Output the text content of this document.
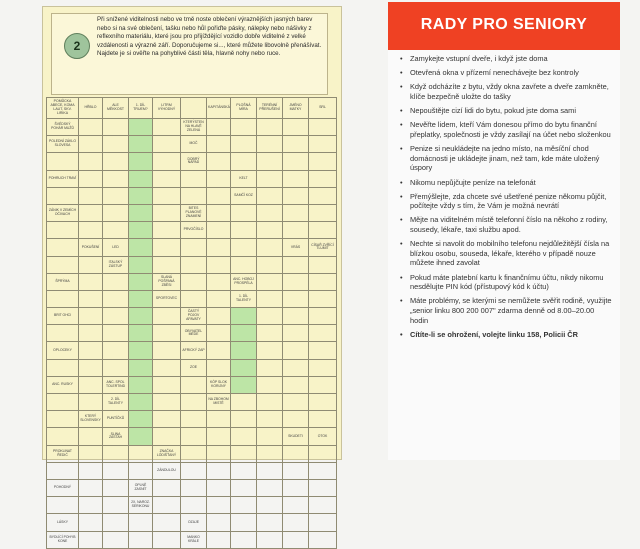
2
Při snížené viditelnosti nebo ve tmě noste oblečení výraznějších jasných barev nebo si na své oblečení, tašku nebo hůl pořiďte pásky, nálepky nebo nášivky z reflexního materiálu, které jsou pro přijíždějící vozidlo dobře viditelné z velké vzdálenosti a výrazně září. Doporučujeme si..., které můžete libovolně přenášívat. Najdete je si ověřte na pohyblivé části těla, hlavně nohy nebo ruce.
POMŮCKA ABECE, KOMA LAUT, SKV. LIRIKA	HŘBLO	ALE MĚKKOST	1. DÍL TRUEM?	LITRM VÝHODNÝ		KAPITÁNSKÁ	PLOŠNÁ MÍRA	TERÉNNÍ PŘERUŠENÍ	JMÉNO MATKY	SRL
ŠVÉDSKÝ POHÁR MUŽŮ					KTERÝSTEN NA HLAVĚ ZELENÁ					
POLEDNÍ ZÁKLO SLOVESA					MOČ					
					DOBRÝ NÁPAD					
POHRUCH TRAVÍ							KELT			
							SAMČÍ KOZ			
ZÁNIK V ZEMÍCH OČIVACH					BITES PLANOVÉ ZNAMENÍ					
					PRVOČÍSLO					
	POKUŠENÍ	LED							VRÁS	CÍSAŘ ZVŘÍCÍ TLUMIT
		ITALSKÝ ZÁSTUP								
ŠPRÝMA				SLANÁ POŠPANÁ ZBĚSI			ANC. HOBOJ PROSPÉLA			
				SPORTOVEC			1. DÍL TALENTY			
BRIT OHCI					ČASTÝ POJOV APAVATY					
					OBYVATEL MÉDE					
OPLOCEKY					AFRICKÝ ZAP					
					ZOE					
ANC. RUSKY		ANC. SPOL TOLERTIND				KÓP SLOK KORIJNÝ				
		2. DÍL TALENTY				NA ZBOHOM MISTĚ				
	KTERÝ SLOVENSKY	PUNTÍČKŮ								
		SLINA ZÁSTAH							SKUDETI	OTOK
PROKLINAT ŘEDIČ				ZNAČKA LÓDIŠŤANÝ						
				ZÁNDULOU						
POHODNÝ			OPLNĚ ZASNÍT							
			2X, NAROZ. SERIKONU							
LÁSKY					OZAJE					
BYDLÍCÍ POHYB KONE					MANKO KRÁLE					
RADY PRO SENIORY
• Zamykejte vstupní dveře, i když jste doma
• Otevřená okna v přízemí nenechávejte bez kontroly
• Když odcházíte z bytu, vždy okna zavřete a dveře zamkněte, klíče bezpečně uložte do tašky
• Nepouštějte cizí lidi do bytu, pokud jste doma sami
• Nevěřte lidem, kteří Vám donesou přímo do bytu finanční přeplatky, společnosti je vždy zasílají na účet nebo složenkou
• Penize si neukládejte na jedno místo, na měsíční chod domácnosti je ukládejte jinam, než tam, kde máte uložený úspory
• Nikomu nepůjčujte peníze na telefonát
• Přemýšlejte, zda chcete své ušetřené penize někomu půjčit, počítejte vždy s tím, že Vám je možná nevrátí
• Mějte na viditelném místě telefonní číslo na někoho z rodiny, sousedy, lékaře, taxi službu apod.
• Nechte si navolit do mobilního telefonu nejdůležitější čísla na blízkou osobu, souseda, lékaře, kterého v případě nouze můžete ihned zavolat
• Pokud máte platební kartu k finančnímu účtu, nikdy nikomu nesdělujte PIN kód (přístupový kód k účtu)
• Máte problémy, se kterými se nemůžete svěřit rodině, využijte „senior linku 800 200 007" zdarma denně od 8.00–20.00 hodin
• Cítíte-li se ohrožení, volejte linku 158, Policii ČR
